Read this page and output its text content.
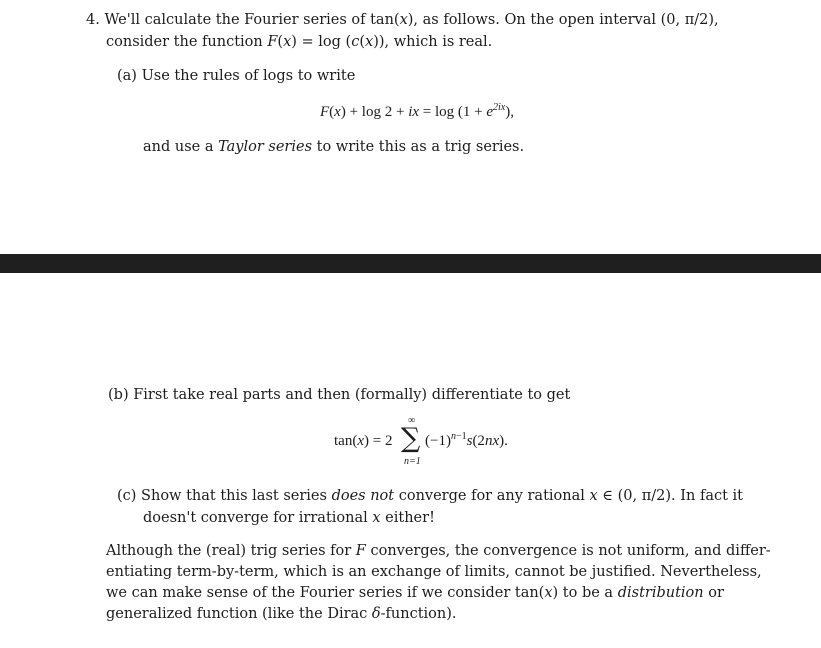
4. We'll calculate the Fourier series of tan(x), as follows. On the open interval (0, π/2),
consider the function F(x) = log (c(x)), which is real.
(a) Use the rules of logs to write
F(x) + log 2 + ix = $\log (1 + e^{2ix})$,
and use a Taylor series to write this as a trig series.
(b) First take real parts and then (formally) differentiate to get
tan(x) = 2
∞
∑
n=1
$(-1)^{n-1}s(2nx)$.
(c) Show that this last series does not converge for any rational x ∈ (0, π/2). In fact it
doesn't converge for irrational x either!
Although the (real) trig series for F converges, the convergence is not uniform, and differ-
entiating term-by-term, which is an exchange of limits, cannot be justified. Nevertheless,
we can make sense of the Fourier series if we consider tan(x) to be a distribution or
generalized function (like the Dirac δ-function).
